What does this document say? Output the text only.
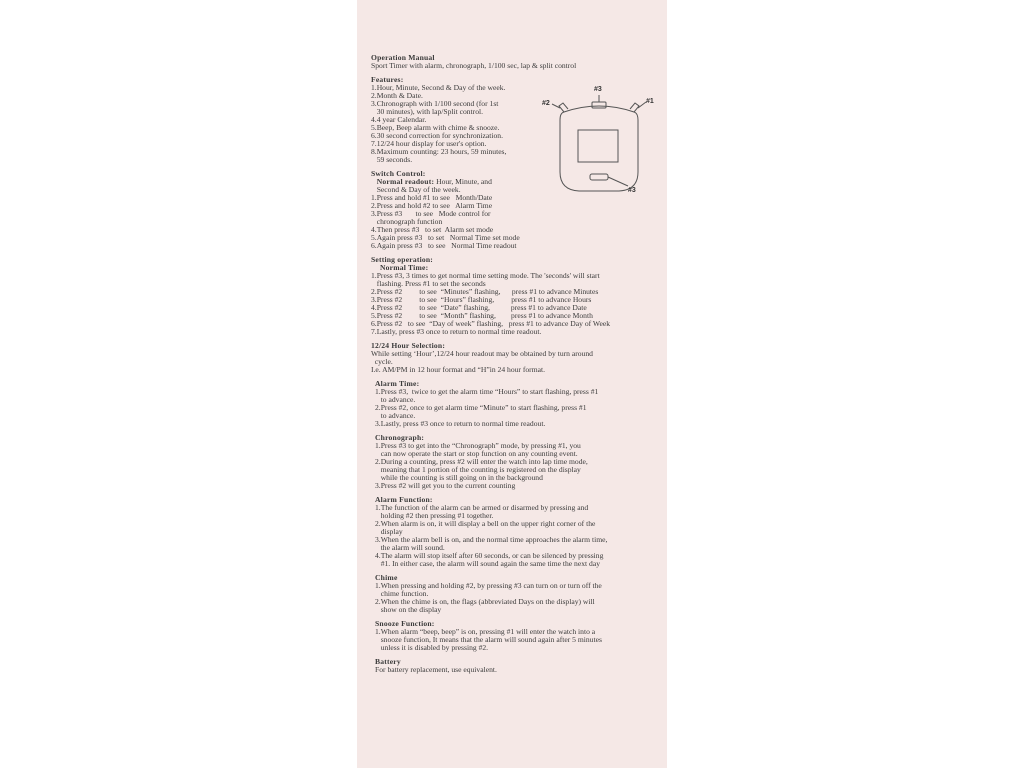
Operation Manual
Sport Timer with alarm, chronograph, 1/100 sec, lap & split control
Features:
1.Hour, Minute, Second & Day of the week.
2.Month & Date.
3.Chronograph with 1/100 second (for 1st
30 minutes), with lap/Split control.
4.4 year Calendar.
5.Beep, Beep alarm with chime & snooze.
6.30 second correction for synchronization.
7.12/24 hour display for user's option.
8.Maximum counting: 23 hours, 59 minutes,
59 seconds.
Switch Control:
Normal readout: Hour, Minute, and
Second & Day of the week.
1.Press and hold #1 to see   Month/Date
2.Press and hold #2 to see   Alarm Time
3.Press #3       to see   Mode control for
chronograph function
4.Then press #3   to set  Alarm set mode
5.Again press #3   to set   Normal Time set mode
6.Again press #3   to see   Normal Time readout
Setting operation:
Normal Time:
1.Press #3, 3 times to get normal time setting mode. The 'seconds' will start
flashing. Press #1 to set the seconds
2.Press #2         to see  “Minutes” flashing,      press #1 to advance Minutes
3.Press #2         to see  “Hours” flashing,         press #1 to advance Hours
4.Press #2         to see  “Date” flashing,           press #1 to advance Date
5.Press #2         to see  “Month” flashing,        press #1 to advance Month
6.Press #2   to see  “Day of week” flashing,   press #1 to advance Day of Week
7.Lastly, press #3 once to return to normal time readout.
12/24 Hour Selection:
While setting ‘Hour’,12/24 hour readout may be obtained by turn around
cycle.
I.e. AM/PM in 12 hour format and “H”in 24 hour format.
Alarm Time:
1.Press #3,  twice to get the alarm time “Hours” to start flashing, press #1
to advance.
2.Press #2, once to get alarm time “Minute” to start flashing, press #1
to advance.
3.Lastly, press #3 once to return to normal time readout.
Chronograph:
1.Press #3 to get into the “Chronograph” mode, by pressing #1, you
can now operate the start or stop function on any counting event.
2.During a counting, press #2 will enter the watch into lap time mode,
meaning that 1 portion of the counting is registered on the display
while the counting is still going on in the background
3.Press #2 will get you to the current counting
Alarm Function:
1.The function of the alarm can be armed or disarmed by pressing and
holding #2 then pressing #1 together.
2.When alarm is on, it will display a bell on the upper right corner of the
display
3.When the alarm bell is on, and the normal time approaches the alarm time,
the alarm will sound.
4.The alarm will stop itself after 60 seconds, or can be silenced by pressing
#1. In either case, the alarm will sound again the same time the next day
Chime
1.When pressing and holding #2, by pressing #3 can turn on or turn off the
chime function.
2.When the chime is on, the flags (abbreviated Days on the display) will
show on the display
Snooze Function:
1.When alarm “beep, beep” is on, pressing #1 will enter the watch into a
snooze function, It means that the alarm will sound again after 5 minutes
unless it is disabled by pressing #2.
Battery
For battery replacement, use equivalent.
#3
#2	#1
#3
